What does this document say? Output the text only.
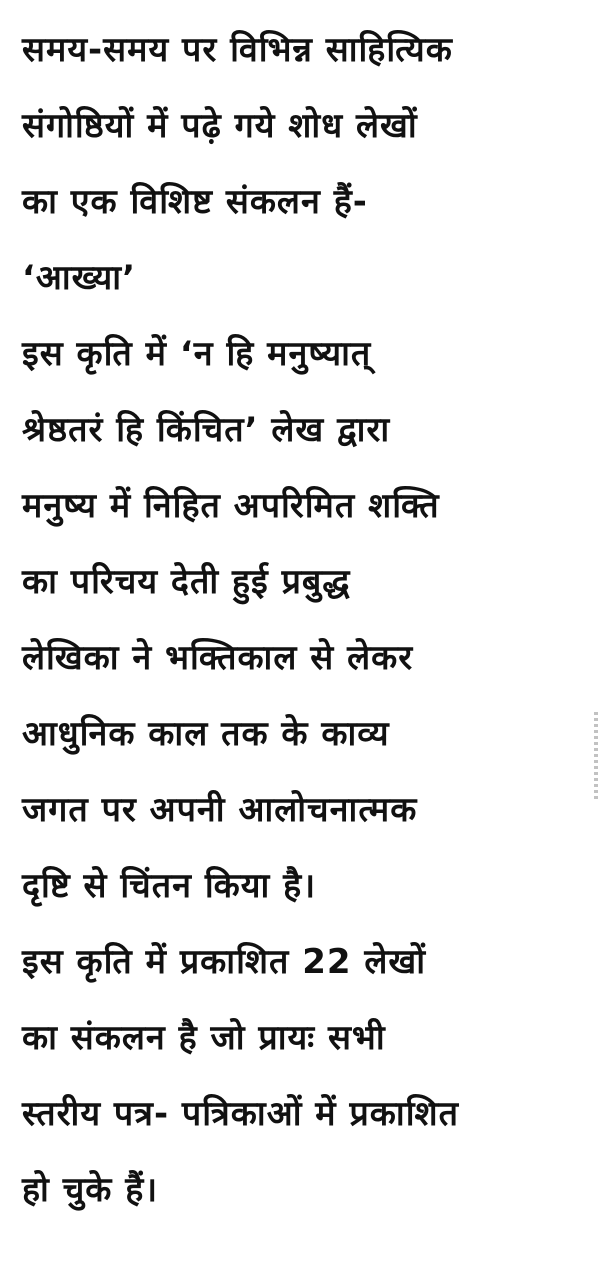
समय-समय पर विभिन्न साहित्यिक
संगोष्ठियों में पढ़े गये शोध लेखों
का एक विशिष्ट संकलन हैं-
‘आख्या’
इस कृति में ‘न हि मनुष्यात्
श्रेष्ठतरं हि किंचित’ लेख द्वारा
मनुष्य में निहित अपरिमित शक्ति
का परिचय देती हुई प्रबुद्ध
लेखिका ने भक्तिकाल से लेकर
आधुनिक काल तक के काव्य
जगत पर अपनी आलोचनात्मक
दृष्टि से चिंतन किया है।
इस कृति में प्रकाशित 22 लेखों
का संकलन है जो प्रायः सभी
स्तरीय पत्र- पत्रिकाओं में प्रकाशित
हो चुके हैं।
